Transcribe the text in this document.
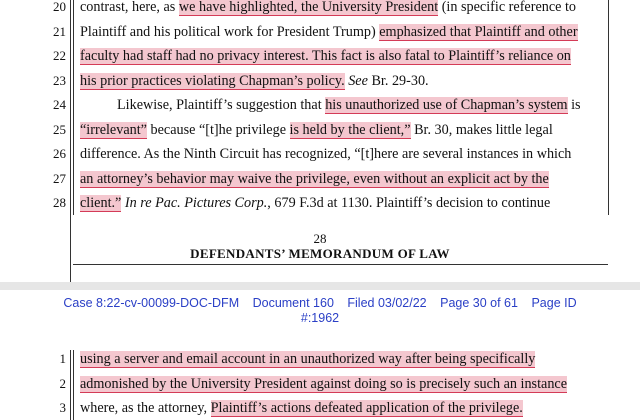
20
21
22
23
24
25
26
27
28
contrast, here, as we have highlighted, the University President (in specific reference to
Plaintiff and his political work for President Trump) emphasized that Plaintiff and other
faculty had staff had no privacy interest. This fact is also fatal to Plaintiff’s reliance on
his prior practices violating Chapman’s policy. See Br. 29-30.
Likewise, Plaintiff’s suggestion that his unauthorized use of Chapman’s system is
“irrelevant” because “[t]he privilege is held by the client,” Br. 30, makes little legal
difference. As the Ninth Circuit has recognized, “[t]here are several instances in which
an attorney’s behavior may waive the privilege, even without an explicit act by the
client.” In re Pac. Pictures Corp., 679 F.3d at 1130. Plaintiff’s decision to continue
28
DEFENDANTS’ MEMORANDUM OF LAW
Case 8:22-cv-00099-DOC-DFM Document 160 Filed 03/02/22 Page 30 of 61 Page ID
#:1962
1
2
3
using a server and email account in an unauthorized way after being specifically
admonished by the University President against doing so is precisely such an instance
where, as the attorney, Plaintiff’s actions defeated application of the privilege.
